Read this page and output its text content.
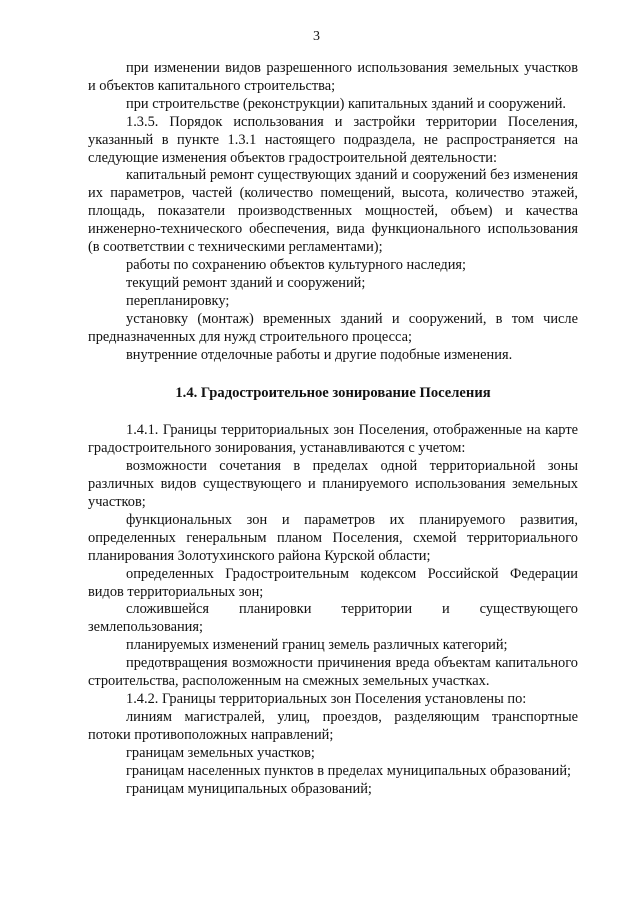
3

при изменении видов разрешенного использования земельных участков и объектов капитального строительства;

при строительстве (реконструкции) капитальных зданий и сооружений.

1.3.5. Порядок использования и застройки территории Поселения, указанный в пункте 1.3.1 настоящего подраздела, не распространяется на следующие изменения объектов градостроительной деятельности:

капитальный ремонт существующих зданий и сооружений без изменения их параметров, частей (количество помещений, высота, количество этажей, площадь, показатели производственных мощностей, объем) и качества инженерно-технического обеспечения, вида функционального использования (в соответствии с техническими регламентами);

работы по сохранению объектов культурного наследия;

текущий ремонт зданий и сооружений;

перепланировку;

установку (монтаж) временных зданий и сооружений, в том числе предназначенных для нужд строительного процесса;

внутренние отделочные работы и другие подобные изменения.

1.4. Градостроительное зонирование Поселения

1.4.1. Границы территориальных зон Поселения, отображенные на карте градостроительного зонирования, устанавливаются с учетом:

возможности сочетания в пределах одной территориальной зоны различных видов существующего и планируемого использования земельных участков;

функциональных зон и параметров их планируемого развития, определенных генеральным планом Поселения, схемой территориального планирования Золотухинского района Курской области;

определенных Градостроительным кодексом Российской Федерации видов территориальных зон;

сложившейся планировки территории и существующего землепользования;

планируемых изменений границ земель различных категорий;

предотвращения возможности причинения вреда объектам капитального строительства, расположенным на смежных земельных участках.

1.4.2. Границы территориальных зон Поселения установлены по:

линиям магистралей, улиц, проездов, разделяющим транспортные потоки противоположных направлений;

границам земельных участков;

границам населенных пунктов в пределах муниципальных образований;

границам муниципальных образований;
